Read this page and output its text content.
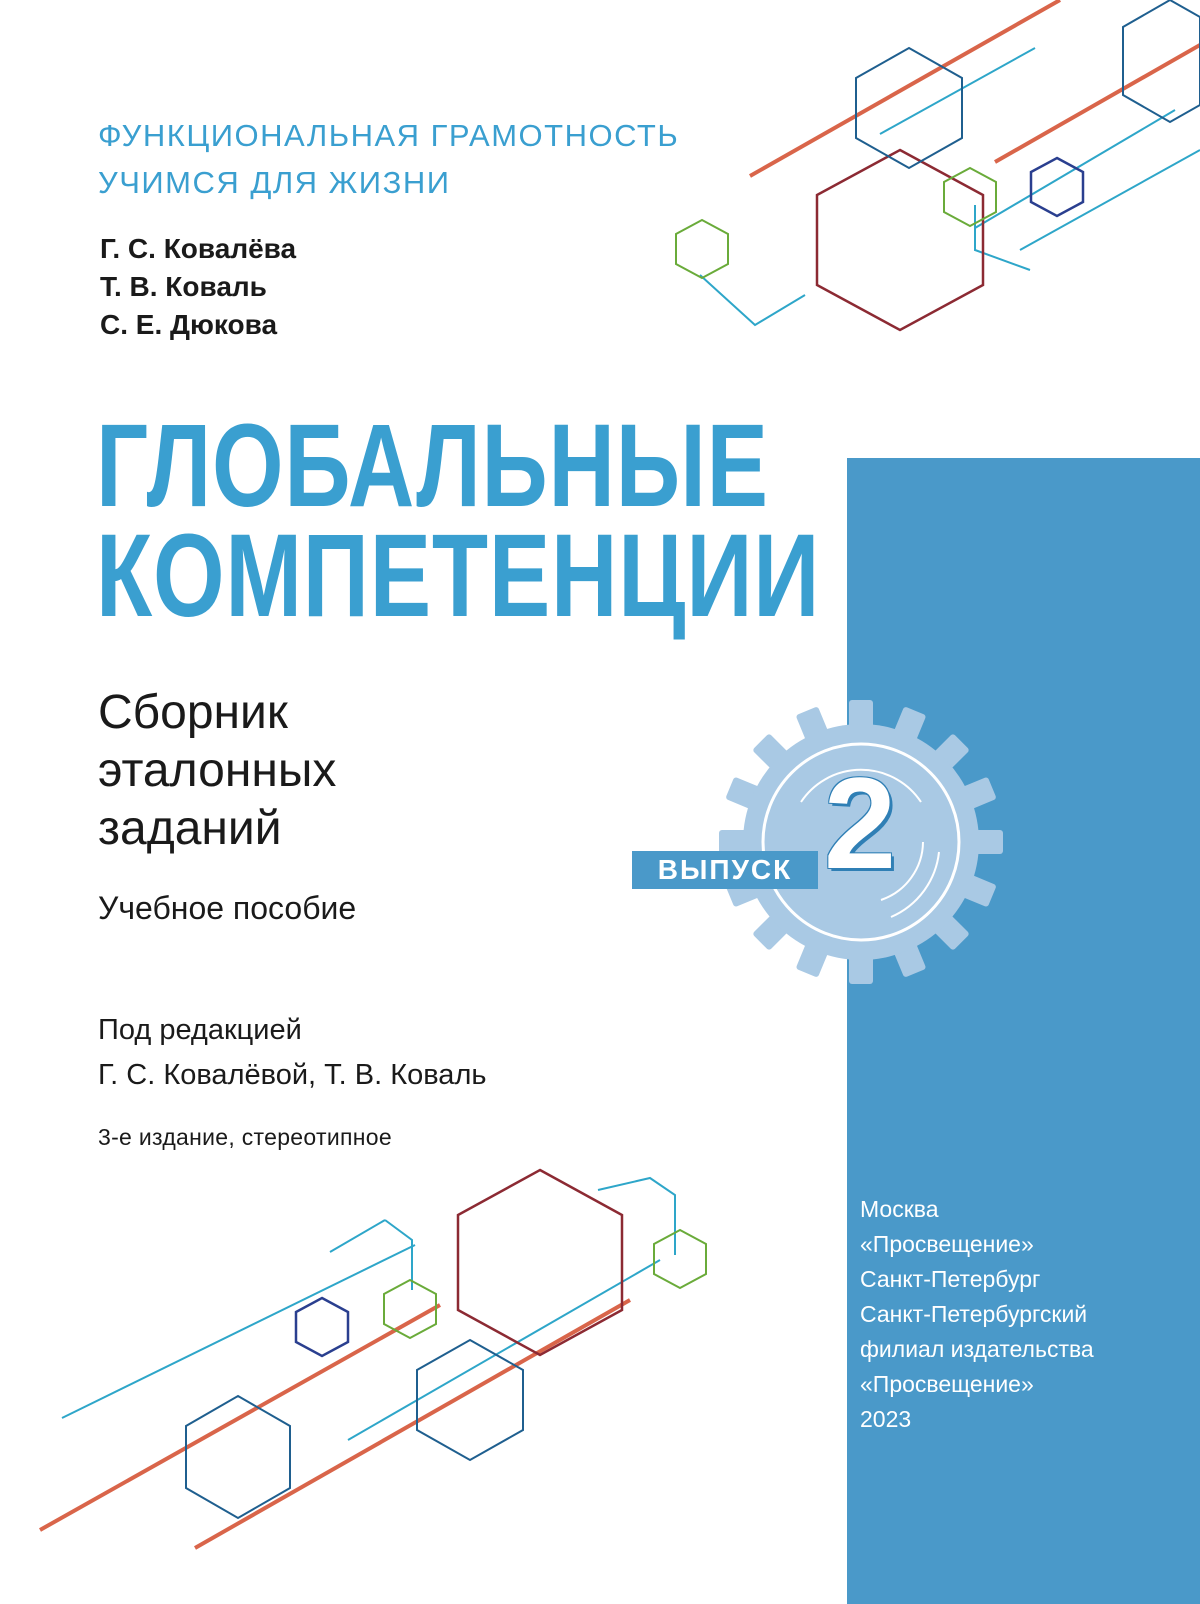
ФУНКЦИОНАЛЬНАЯ ГРАМОТНОСТЬ
УЧИМСЯ ДЛЯ ЖИЗНИ
Г. С. Ковалёва
Т. В. Коваль
С. Е. Дюкова
ГЛОБАЛЬНЫЕ
КОМПЕТЕНЦИИ
Сборник
эталонных
заданий
ВЫПУСК 2
Учебное пособие
Под редакцией
Г. С. Ковалёвой, Т. В. Коваль
3-е издание, стереотипное
Москва
«Просвещение»
Санкт-Петербург
Санкт-Петербургский
филиал издательства
«Просвещение»
2023
